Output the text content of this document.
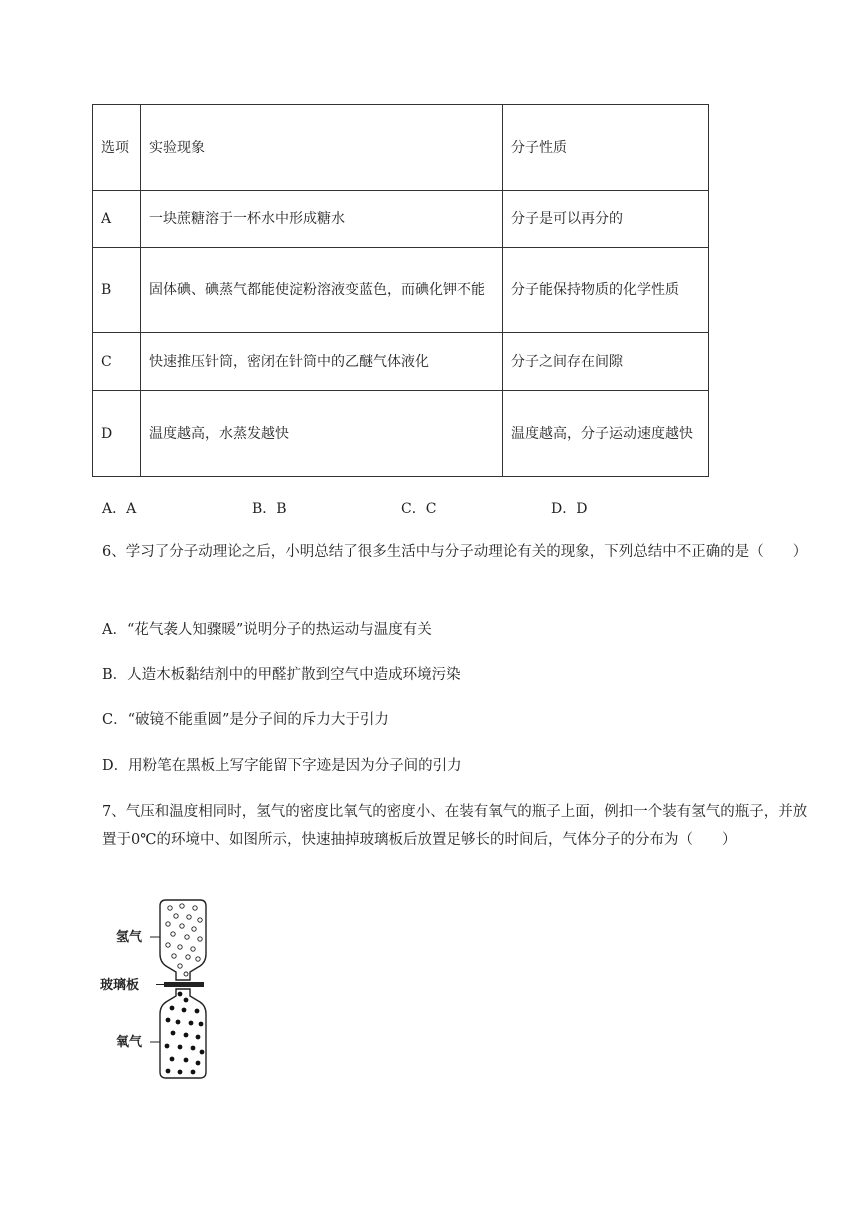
选项	实验现象	分子性质
A	一块蔗糖溶于一杯水中形成糖水	分子是可以再分的
B	固体碘、碘蒸气都能使淀粉溶液变蓝色，而碘化钾不能	分子能保持物质的化学性质
C	快速推压针筒，密闭在针筒中的乙醚气体液化	分子之间存在间隙
D	温度越高，水蒸发越快	温度越高，分子运动速度越快
A．A	B．B	C．C	D．D
6、学习了分子动理论之后，小明总结了很多生活中与分子动理论有关的现象，下列总结中不正确的是（　　）
A．“花气袭人知骤暖”说明分子的热运动与温度有关
B．人造木板黏结剂中的甲醛扩散到空气中造成环境污染
C．“破镜不能重圆”是分子间的斥力大于引力
D．用粉笔在黑板上写字能留下字迹是因为分子间的引力
7、气压和温度相同时，氢气的密度比氧气的密度小、在装有氧气的瓶子上面，例扣一个装有氢气的瓶子，并放置于0℃的环境中、如图所示，快速抽掉玻璃板后放置足够长的时间后，气体分子的分布为（　　）
氢气
玻璃板
氧气
